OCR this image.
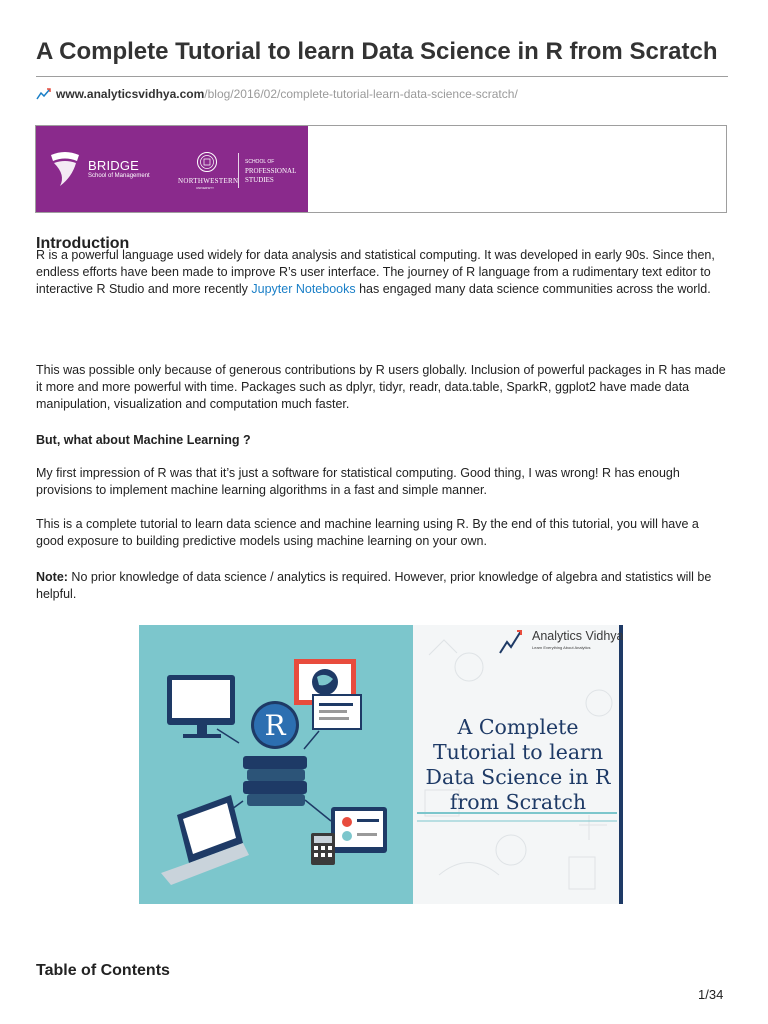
A Complete Tutorial to learn Data Science in R from Scratch
www.analyticsvidhya.com /blog/2016/02/complete-tutorial-learn-data-science-scratch/
BRIDGE
School of Management
NORTHWESTERN
UNIVERSITY
SCHOOL OF
PROFESSIONAL
STUDIES
Introduction

R is a powerful language used widely for data analysis and statistical computing. It was developed in early 90s. Since then, endless efforts have been made to improve R’s user interface. The journey of R language from a rudimentary text editor to interactive R Studio and more recently Jupyter Notebooks has engaged many data science communities across the world.

This was possible only because of generous contributions by R users globally. Inclusion of powerful packages in R has made it more and more powerful with time. Packages such as dplyr, tidyr, readr, data.table, SparkR, ggplot2 have made data manipulation, visualization and computation much faster.

But, what about Machine Learning ?

My first impression of R was that it’s just a software for statistical computing. Good thing, I was wrong! R has enough provisions to implement machine learning algorithms in a fast and simple manner.

This is a complete tutorial to learn data science and machine learning using R. By the end of this tutorial, you will have a good exposure to building predictive models using machine learning on your own.

Note: No prior knowledge of data science / analytics is required. However, prior knowledge of algebra and statistics will be helpful.

R
Analytics Vidhya
Learn Everything About Analytics
A Complete
Tutorial to learn
Data Science in R
from Scratch
Table of Contents
1/34
